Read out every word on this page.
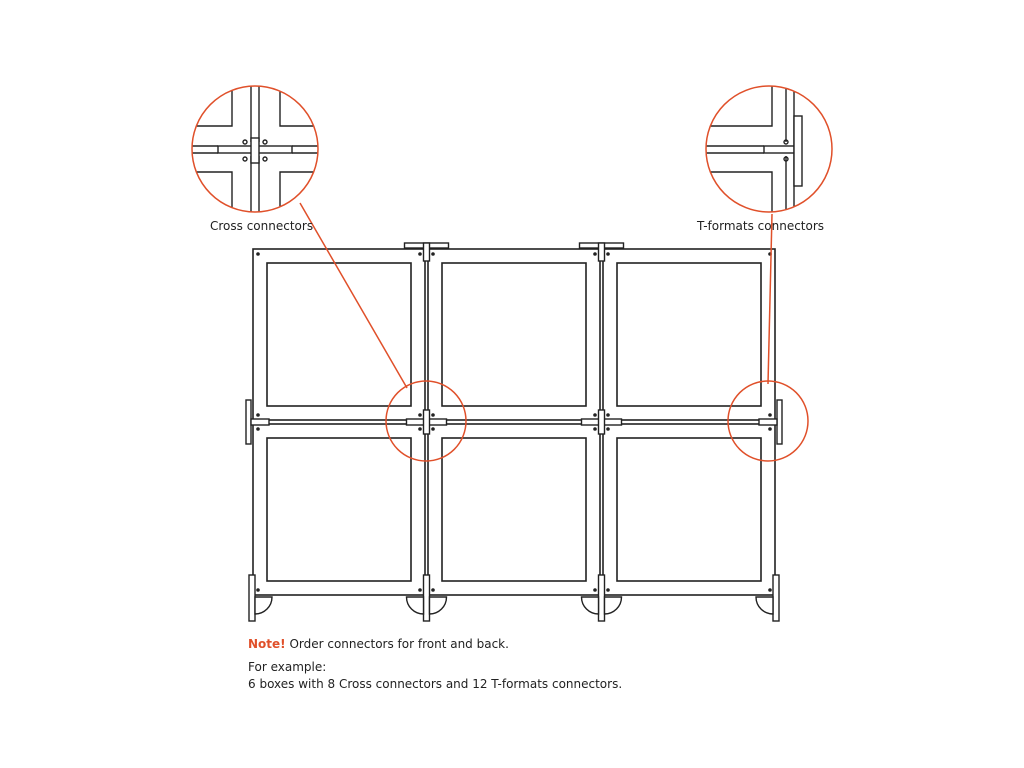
Cross connectors	T-formats connectors
Note! Order connectors for front and back.
For example:
6 boxes with 8 Cross connectors and 12 T-formats connectors.
